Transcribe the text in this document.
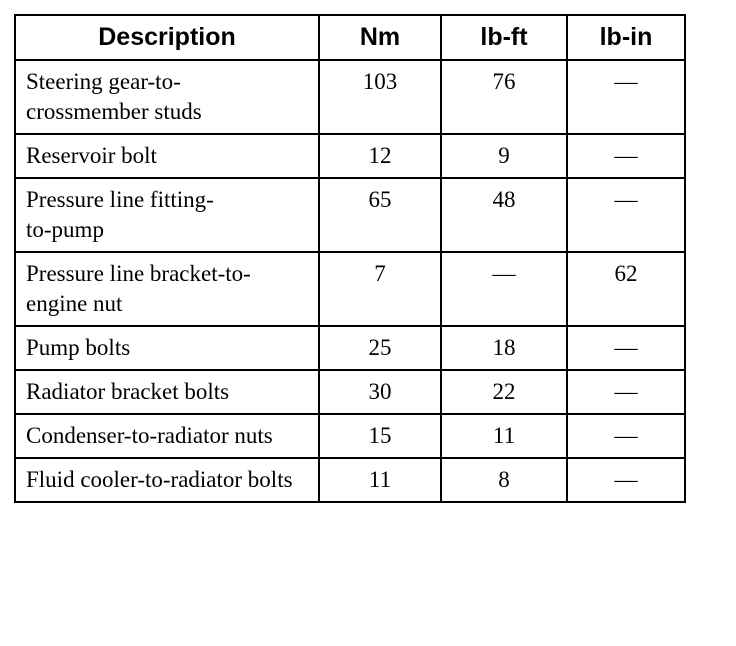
Description	Nm	lb-ft	lb-in
Steering gear-to-crossmember studs	103	76	—
Reservoir bolt	12	9	—
Pressure line fitting-to-pump	65	48	—
Pressure line bracket-to-engine nut	7	—	62
Pump bolts	25	18	—
Radiator bracket bolts	30	22	—
Condenser-to-radiator nuts	15	11	—
Fluid cooler-to-radiator bolts	11	8	—
